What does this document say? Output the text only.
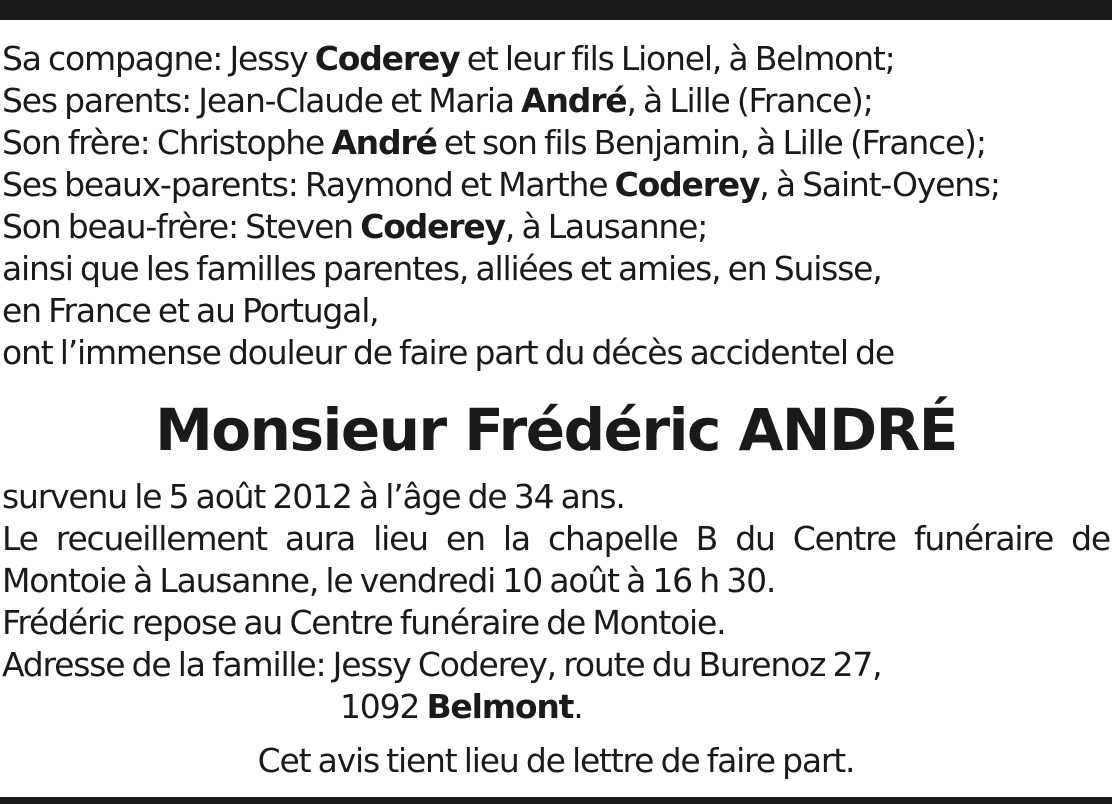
Sa compagne: Jessy Coderey et leur fils Lionel, à Belmont;
Ses parents: Jean-Claude et Maria André, à Lille (France);
Son frère: Christophe André et son fils Benjamin, à Lille (France);
Ses beaux-parents: Raymond et Marthe Coderey, à Saint-Oyens;
Son beau-frère: Steven Coderey, à Lausanne;
ainsi que les familles parentes, alliées et amies, en Suisse,
en France et au Portugal,
ont l’immense douleur de faire part du décès accidentel de
Monsieur Frédéric ANDRÉ
survenu le 5 août 2012 à l’âge de 34 ans.
Le recueillement aura lieu en la chapelle B du Centre funéraire de
Montoie à Lausanne, le vendredi 10 août à 16 h 30.
Frédéric repose au Centre funéraire de Montoie.
Adresse de la famille: Jessy Coderey, route du Burenoz 27,
1092 Belmont.
Cet avis tient lieu de lettre de faire part.
